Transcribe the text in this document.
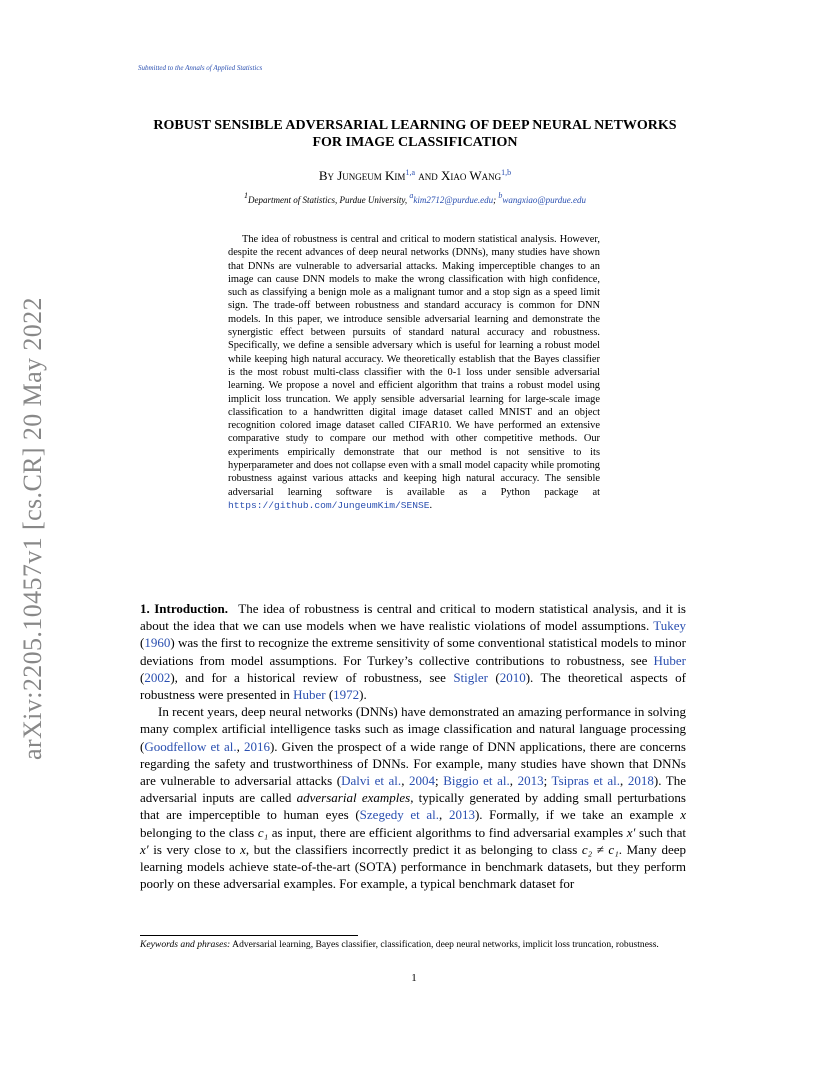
Submitted to the Annals of Applied Statistics
arXiv:2205.10457v1 [cs.CR] 20 May 2022
ROBUST SENSIBLE ADVERSARIAL LEARNING OF DEEP NEURAL NETWORKS FOR IMAGE CLASSIFICATION
By Jungeum Kim$^{1,a}$ and Xiao Wang$^{1,b}$
$^1$Department of Statistics, Purdue University, $^a$kim2712@purdue.edu; $^b$wangxiao@purdue.edu

The idea of robustness is central and critical to modern statistical analysis. However, despite the recent advances of deep neural networks (DNNs), many studies have shown that DNNs are vulnerable to adversarial attacks. Making imperceptible changes to an image can cause DNN models to make the wrong classification with high confidence, such as classifying a benign mole as a malignant tumor and a stop sign as a speed limit sign. The trade-off between robustness and standard accuracy is common for DNN models. In this paper, we introduce sensible adversarial learning and demonstrate the synergistic effect between pursuits of standard natural accuracy and robustness. Specifically, we define a sensible adversary which is useful for learning a robust model while keeping high natural accuracy. We theoretically establish that the Bayes classifier is the most robust multi-class classifier with the 0-1 loss under sensible adversarial learning. We propose a novel and efficient algorithm that trains a robust model using implicit loss truncation. We apply sensible adversarial learning for large-scale image classification to a handwritten digital image dataset called MNIST and an object recognition colored image dataset called CIFAR10. We have performed an extensive comparative study to compare our method with other competitive methods. Our experiments empirically demonstrate that our method is not sensitive to its hyperparameter and does not collapse even with a small model capacity while promoting robustness against various attacks and keeping high natural accuracy. The sensible adversarial learning software is available as a Python package at https://github.com/JungeumKim/SENSE.

1. Introduction. The idea of robustness is central and critical to modern statistical analysis, and it is about the idea that we can use models when we have realistic violations of model assumptions. Tukey (1960) was the first to recognize the extreme sensitivity of some conventional statistical models to minor deviations from model assumptions. For Turkey’s collective contributions to robustness, see Huber (2002), and for a historical review of robustness, see Stigler (2010). The theoretical aspects of robustness were presented in Huber (1972).

In recent years, deep neural networks (DNNs) have demonstrated an amazing performance in solving many complex artificial intelligence tasks such as image classification and natural language processing (Goodfellow et al., 2016). Given the prospect of a wide range of DNN applications, there are concerns regarding the safety and trustworthiness of DNNs. For example, many studies have shown that DNNs are vulnerable to adversarial attacks (Dalvi et al., 2004; Biggio et al., 2013; Tsipras et al., 2018). The adversarial inputs are called adversarial examples, typically generated by adding small perturbations that are imperceptible to human eyes (Szegedy et al., 2013). Formally, if we take an example x belonging to the class c₁ as input, there are efficient algorithms to find adversarial examples x′ such that x′ is very close to x, but the classifiers incorrectly predict it as belonging to class c₂ ≠ c₁. Many deep learning models achieve state-of-the-art (SOTA) performance in benchmark datasets, but they perform poorly on these adversarial examples. For example, a typical benchmark dataset for

Keywords and phrases: Adversarial learning, Bayes classifier, classification, deep neural networks, implicit loss truncation, robustness.
1
